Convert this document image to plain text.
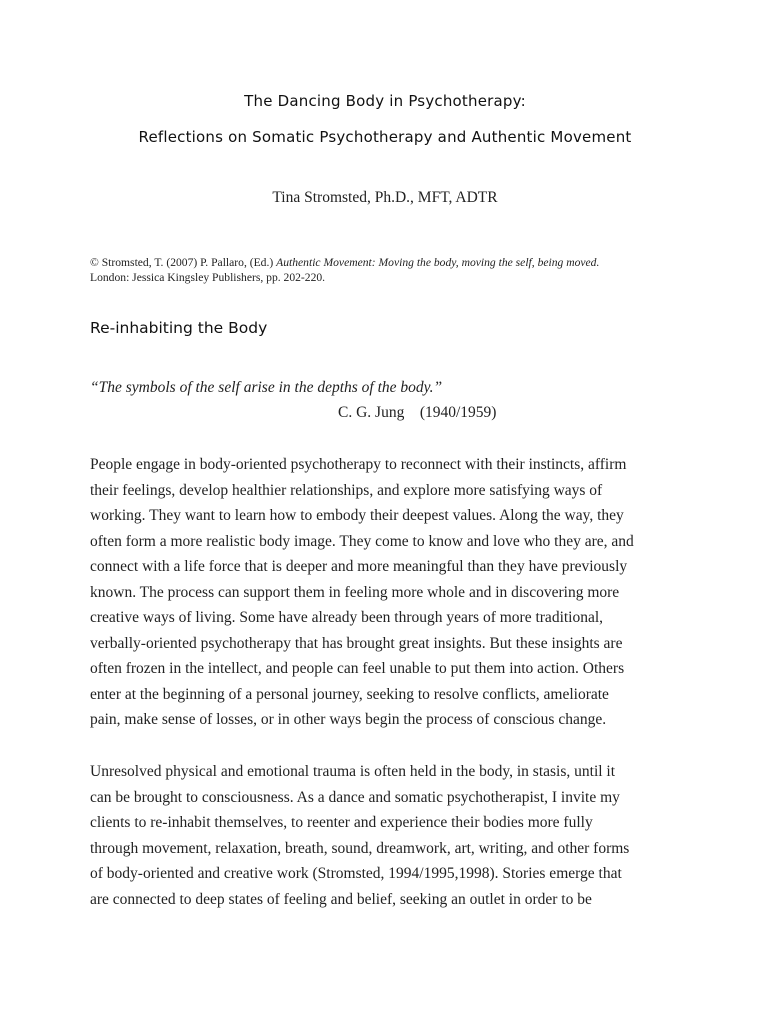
The Dancing Body in Psychotherapy:
Reflections on Somatic Psychotherapy and Authentic Movement
Tina Stromsted, Ph.D., MFT, ADTR
© Stromsted, T. (2007) P. Pallaro, (Ed.) Authentic Movement: Moving the body, moving the self, being moved.
London: Jessica Kingsley Publishers, pp. 202-220.
Re-inhabiting the Body
“The symbols of the self arise in the depths of the body.”
C. G. Jung    (1940/1959)
People engage in body-oriented psychotherapy to reconnect with their instincts, affirm
their feelings, develop healthier relationships, and explore more satisfying ways of
working. They want to learn how to embody their deepest values. Along the way, they
often form a more realistic body image. They come to know and love who they are, and
connect with a life force that is deeper and more meaningful than they have previously
known. The process can support them in feeling more whole and in discovering more
creative ways of living. Some have already been through years of more traditional,
verbally-oriented psychotherapy that has brought great insights. But these insights are
often frozen in the intellect, and people can feel unable to put them into action. Others
enter at the beginning of a personal journey, seeking to resolve conflicts, ameliorate
pain, make sense of losses, or in other ways begin the process of conscious change.
Unresolved physical and emotional trauma is often held in the body, in stasis, until it
can be brought to consciousness. As a dance and somatic psychotherapist, I invite my
clients to re-inhabit themselves, to reenter and experience their bodies more fully
through movement, relaxation, breath, sound, dreamwork, art, writing, and other forms
of body-oriented and creative work (Stromsted, 1994/1995,1998). Stories emerge that
are connected to deep states of feeling and belief, seeking an outlet in order to be
